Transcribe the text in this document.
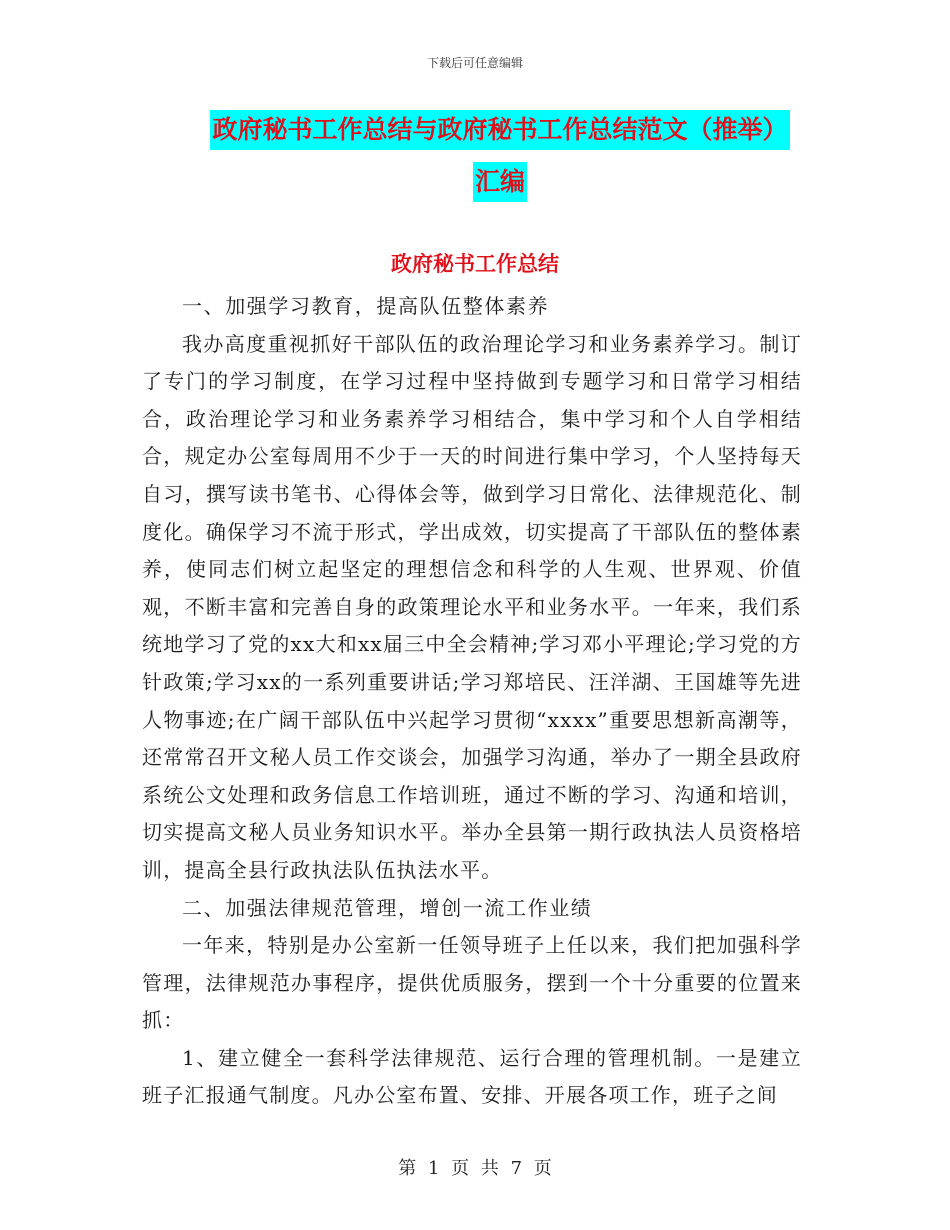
下载后可任意编辑
政府秘书工作总结与政府秘书工作总结范文（推举）
汇编
政府秘书工作总结

一、加强学习教育，提高队伍整体素养

我办高度重视抓好干部队伍的政治理论学习和业务素养学习。制订了专门的学习制度，在学习过程中坚持做到专题学习和日常学习相结合，政治理论学习和业务素养学习相结合，集中学习和个人自学相结合，规定办公室每周用不少于一天的时间进行集中学习，个人坚持每天自习，撰写读书笔书、心得体会等，做到学习日常化、法律规范化、制度化。确保学习不流于形式，学出成效，切实提高了干部队伍的整体素养，使同志们树立起坚定的理想信念和科学的人生观、世界观、价值观，不断丰富和完善自身的政策理论水平和业务水平。一年来，我们系统地学习了党的xx大和xx届三中全会精神;学习邓小平理论;学习党的方针政策;学习xx的一系列重要讲话;学习郑培民、汪洋湖、王国雄等先进人物事迹;在广阔干部队伍中兴起学习贯彻“xxxx”重要思想新高潮等，还常常召开文秘人员工作交谈会，加强学习沟通，举办了一期全县政府系统公文处理和政务信息工作培训班，通过不断的学习、沟通和培训，切实提高文秘人员业务知识水平。举办全县第一期行政执法人员资格培训，提高全县行政执法队伍执法水平。

二、加强法律规范管理，增创一流工作业绩

一年来，特别是办公室新一任领导班子上任以来，我们把加强科学管理，法律规范办事程序，提供优质服务，摆到一个十分重要的位置来抓：

1、建立健全一套科学法律规范、运行合理的管理机制。一是建立班子汇报通气制度。凡办公室布置、安排、开展各项工作，班子之间

第 1 页 共 7 页
